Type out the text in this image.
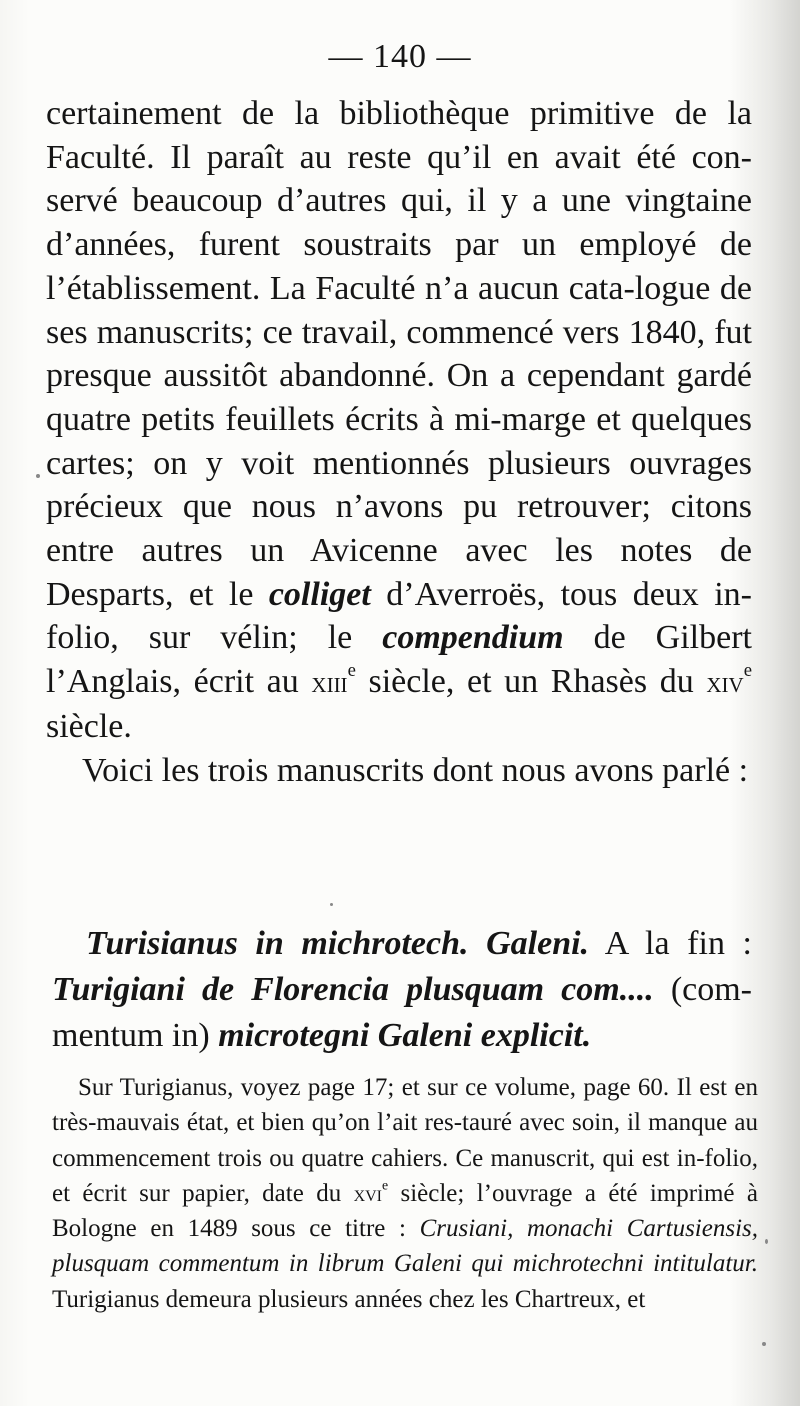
— 140 —

certainement de la bibliothèque primitive de la Faculté. Il paraît au reste qu’il en avait été con-servé beaucoup d’autres qui, il y a une vingtaine d’années, furent soustraits par un employé de l’établissement. La Faculté n’a aucun cata-logue de ses manuscrits; ce travail, commencé vers 1840, fut presque aussitôt abandonné. On a cependant gardé quatre petits feuillets écrits à mi-marge et quelques cartes; on y voit mentionnés plusieurs ouvrages précieux que nous n’avons pu retrouver; citons entre autres un Avicenne avec les notes de Desparts, et le colliget d’Averroës, tous deux in-folio, sur vélin; le compendium de Gilbert l’Anglais, écrit au xiii$^e$ siècle, et un Rhasès du xiv$^e$ siècle.

Voici les trois manuscrits dont nous avons parlé :

Turisianus in michrotech. Galeni. A la fin : Turigiani de Florencia plusquam com.... (com-mentum in) microtegni Galeni explicit.

Sur Turigianus, voyez page 17; et sur ce volume, page 60. Il est en très-mauvais état, et bien qu’on l’ait res-tauré avec soin, il manque au commencement trois ou quatre cahiers. Ce manuscrit, qui est in-folio, et écrit sur papier, date du xvi$^e$ siècle; l’ouvrage a été imprimé à Bologne en 1489 sous ce titre : Crusiani, monachi Cartusiensis, plusquam commentum in librum Galeni qui michrotechni intitulatur. Turigianus demeura plusieurs années chez les Chartreux, et
